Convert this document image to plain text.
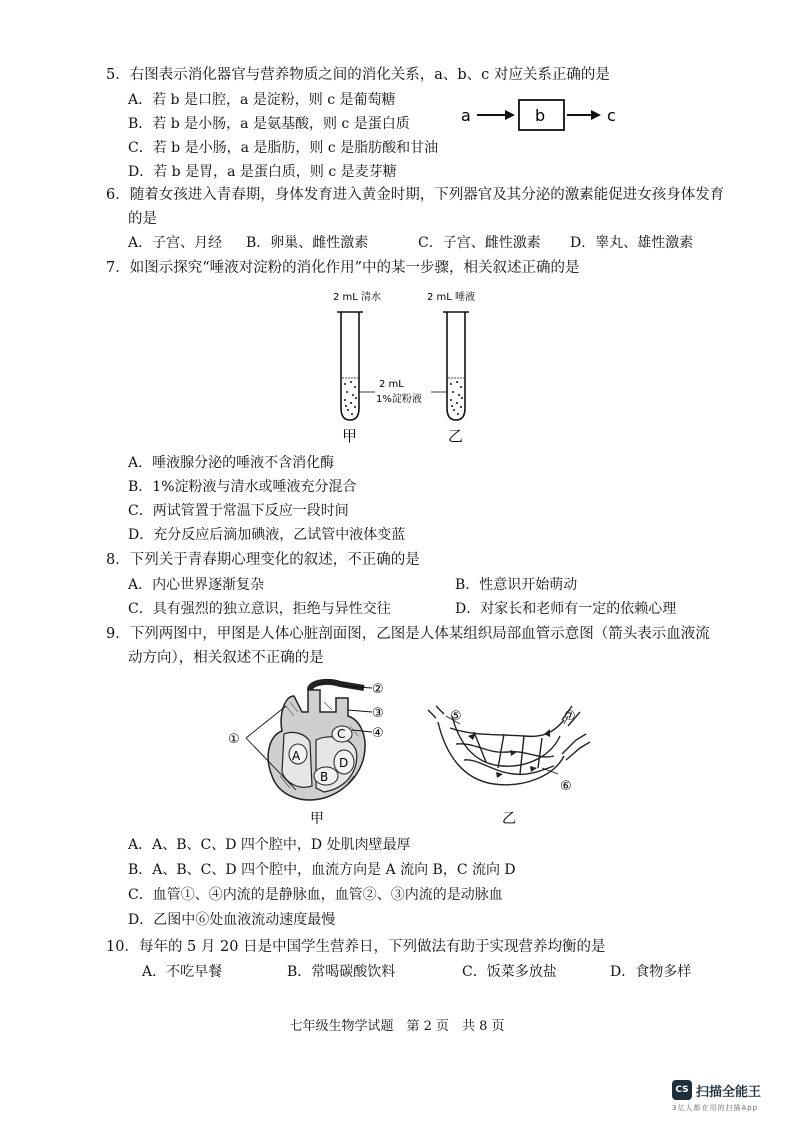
5．右图表示消化器官与营养物质之间的消化关系，a、b、c 对应关系正确的是
A．若 b 是口腔，a 是淀粉，则 c 是葡萄糖
B．若 b 是小肠，a 是氨基酸，则 c 是蛋白质
C．若 b 是小肠，a 是脂肪，则 c 是脂肪酸和甘油
D．若 b 是胃，a 是蛋白质，则 c 是麦芽糖
a	b	c
6．随着女孩进入青春期，身体发育进入黄金时期，下列器官及其分泌的激素能促进女孩身体发育
的是
A．子宫、月经 B．卵巢、雌性激素	C．子宫、雌性激素 D．睾丸、雄性激素
7．如图示探究“唾液对淀粉的消化作用”中的某一步骤，相关叙述正确的是
2 mL 清水	2 mL 唾液
2 mL
1%淀粉液
甲	乙
A．唾液腺分泌的唾液不含消化酶
B．1%淀粉液与清水或唾液充分混合
C．两试管置于常温下反应一段时间
D．充分反应后滴加碘液，乙试管中液体变蓝
8．下列关于青春期心理变化的叙述，不正确的是
A．内心世界逐渐复杂	B．性意识开始萌动
C．具有强烈的独立意识，拒绝与异性交往	D．对家长和老师有一定的依赖心理
9．下列两图中，甲图是人体心脏剖面图，乙图是人体某组织局部血管示意图（箭头表示血液流
动方向），相关叙述不正确的是
A
B
C
D
②
③
④
①
甲
⑤
⑥
⑦
乙
A．A、B、C、D 四个腔中，D 处肌肉壁最厚
B．A、B、C、D 四个腔中，血流方向是 A 流向 B，C 流向 D
C．血管①、④内流的是静脉血，血管②、③内流的是动脉血
D．乙图中⑥处血液流动速度最慢
10．每年的 5 月 20 日是中国学生营养日，下列做法有助于实现营养均衡的是
A．不吃早餐	B．常喝碳酸饮料	C．饭菜多放盐	D．食物多样
七年级生物学试题　第 2 页　共 8 页
CS 扫描全能王
3亿人都在用的扫描App
